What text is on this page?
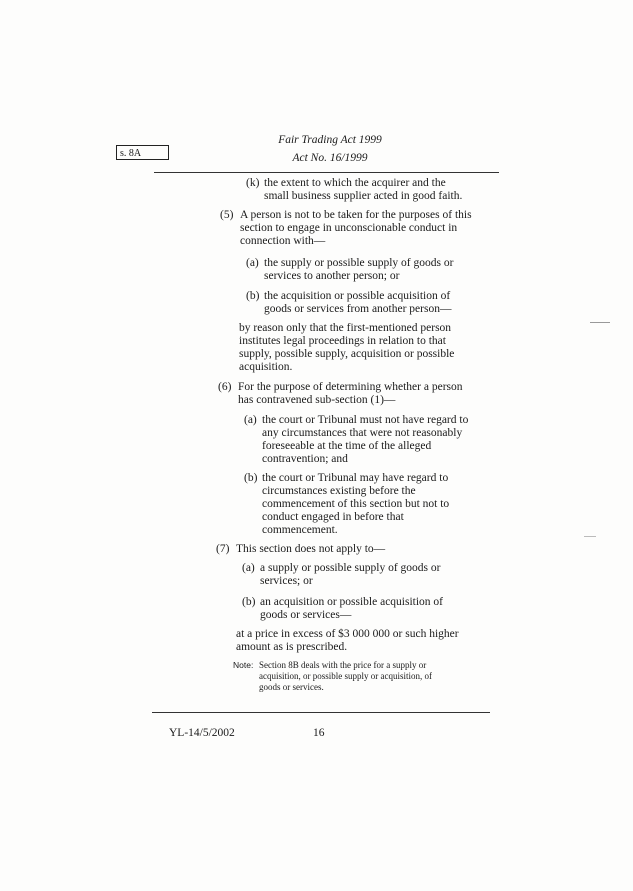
s. 8A
Fair Trading Act 1999
Act No. 16/1999
(k) the extent to which the acquirer and the
small business supplier acted in good faith.
(5) A person is not to be taken for the purposes of this
section to engage in unconscionable conduct in
connection with—
(a) the supply or possible supply of goods or
services to another person; or
(b) the acquisition or possible acquisition of
goods or services from another person—
by reason only that the first-mentioned person
institutes legal proceedings in relation to that
supply, possible supply, acquisition or possible
acquisition.
(6) For the purpose of determining whether a person
has contravened sub-section (1)—
(a) the court or Tribunal must not have regard to
any circumstances that were not reasonably
foreseeable at the time of the alleged
contravention; and
(b) the court or Tribunal may have regard to
circumstances existing before the
commencement of this section but not to
conduct engaged in before that
commencement.
(7) This section does not apply to—
(a) a supply or possible supply of goods or
services; or
(b) an acquisition or possible acquisition of
goods or services—
at a price in excess of $3 000 000 or such higher
amount as is prescribed.
Note: Section 8B deals with the price for a supply or
acquisition, or possible supply or acquisition, of
goods or services.
YL-14/5/2002	16
